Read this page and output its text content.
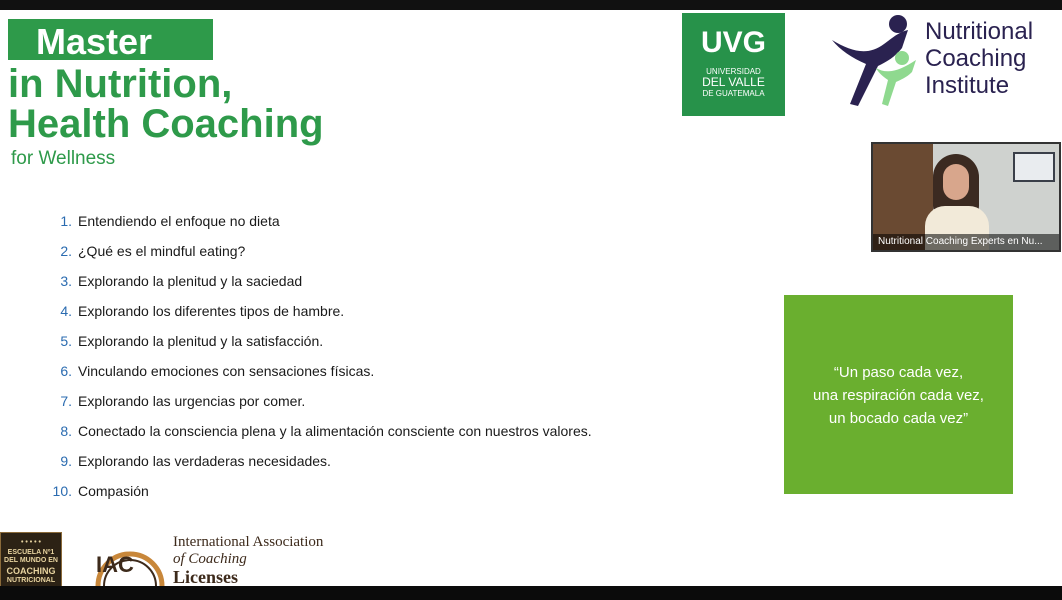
Master
in Nutrition,
Health Coaching
for Wellness
UVG
UNIVERSIDAD
DEL VALLE
DE GUATEMALA
Nutritional
Coaching
Institute
Nutritional Coaching Experts en Nu...
1. Entendiendo el enfoque no dieta
2. ¿Qué es el mindful eating?
3. Explorando la plenitud y la saciedad
4. Explorando los diferentes tipos de hambre.
5. Explorando la plenitud y la satisfacción.
6. Vinculando emociones con sensaciones físicas.
7. Explorando las urgencias por comer.
8. Conectado la consciencia plena y la alimentación consciente con nuestros valores.
9. Explorando las verdaderas necesidades.
10. Compasión
“Un paso cada vez,
una respiración cada vez,
un bocado cada vez”
• • • • •
ESCUELA Nº1
DEL MUNDO EN
COACHING
NUTRICIONAL
IAC
International Association
of Coaching
Licenses
